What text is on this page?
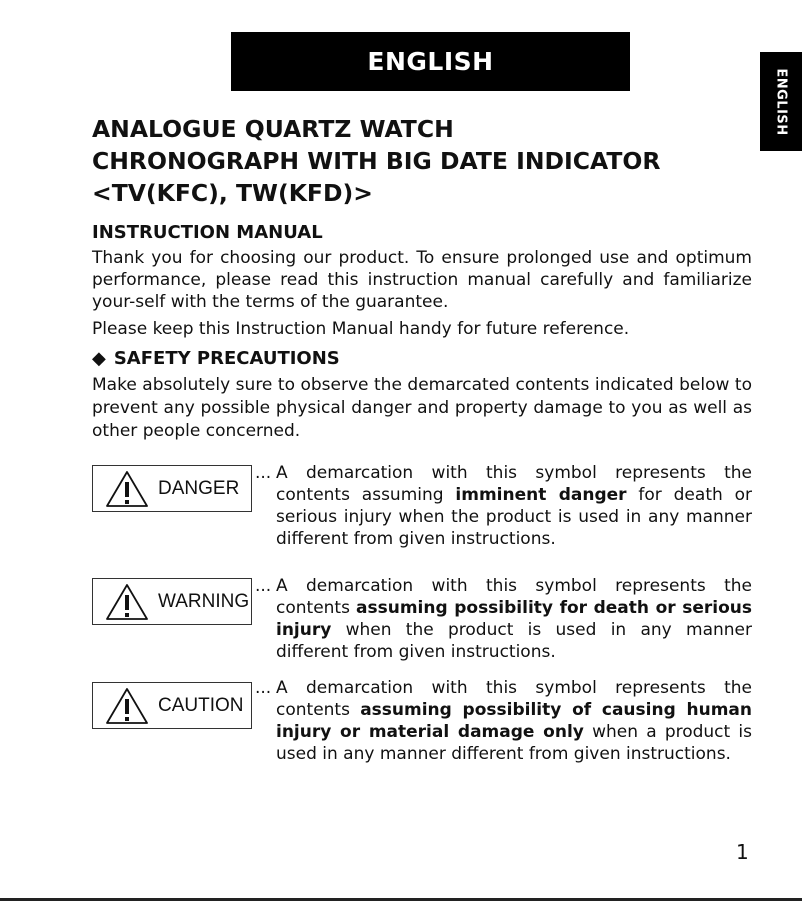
ENGLISH
ENGLISH
ANALOGUE QUARTZ WATCH
CHRONOGRAPH WITH BIG DATE INDICATOR
<TV(KFC), TW(KFD)>
INSTRUCTION MANUAL
Thank you for choosing our product. To ensure prolonged use and optimum performance, please read this instruction manual carefully and familiarize your-self with the terms of the guarantee.
Please keep this Instruction Manual handy for future reference.
◆ SAFETY PRECAUTIONS
Make absolutely sure to observe the demarcated contents indicated below to prevent any possible physical danger and property damage to you as well as other people concerned.
DANGER
... A demarcation with this symbol represents the contents assuming imminent danger for death or serious injury when the product is used in any manner different from given instructions.
WARNING
... A demarcation with this symbol represents the contents assuming possibility for death or serious injury when the product is used in any manner different from given instructions.
CAUTION
... A demarcation with this symbol represents the contents assuming possibility of causing human injury or material damage only when a product is used in any manner different from given instructions.
1
